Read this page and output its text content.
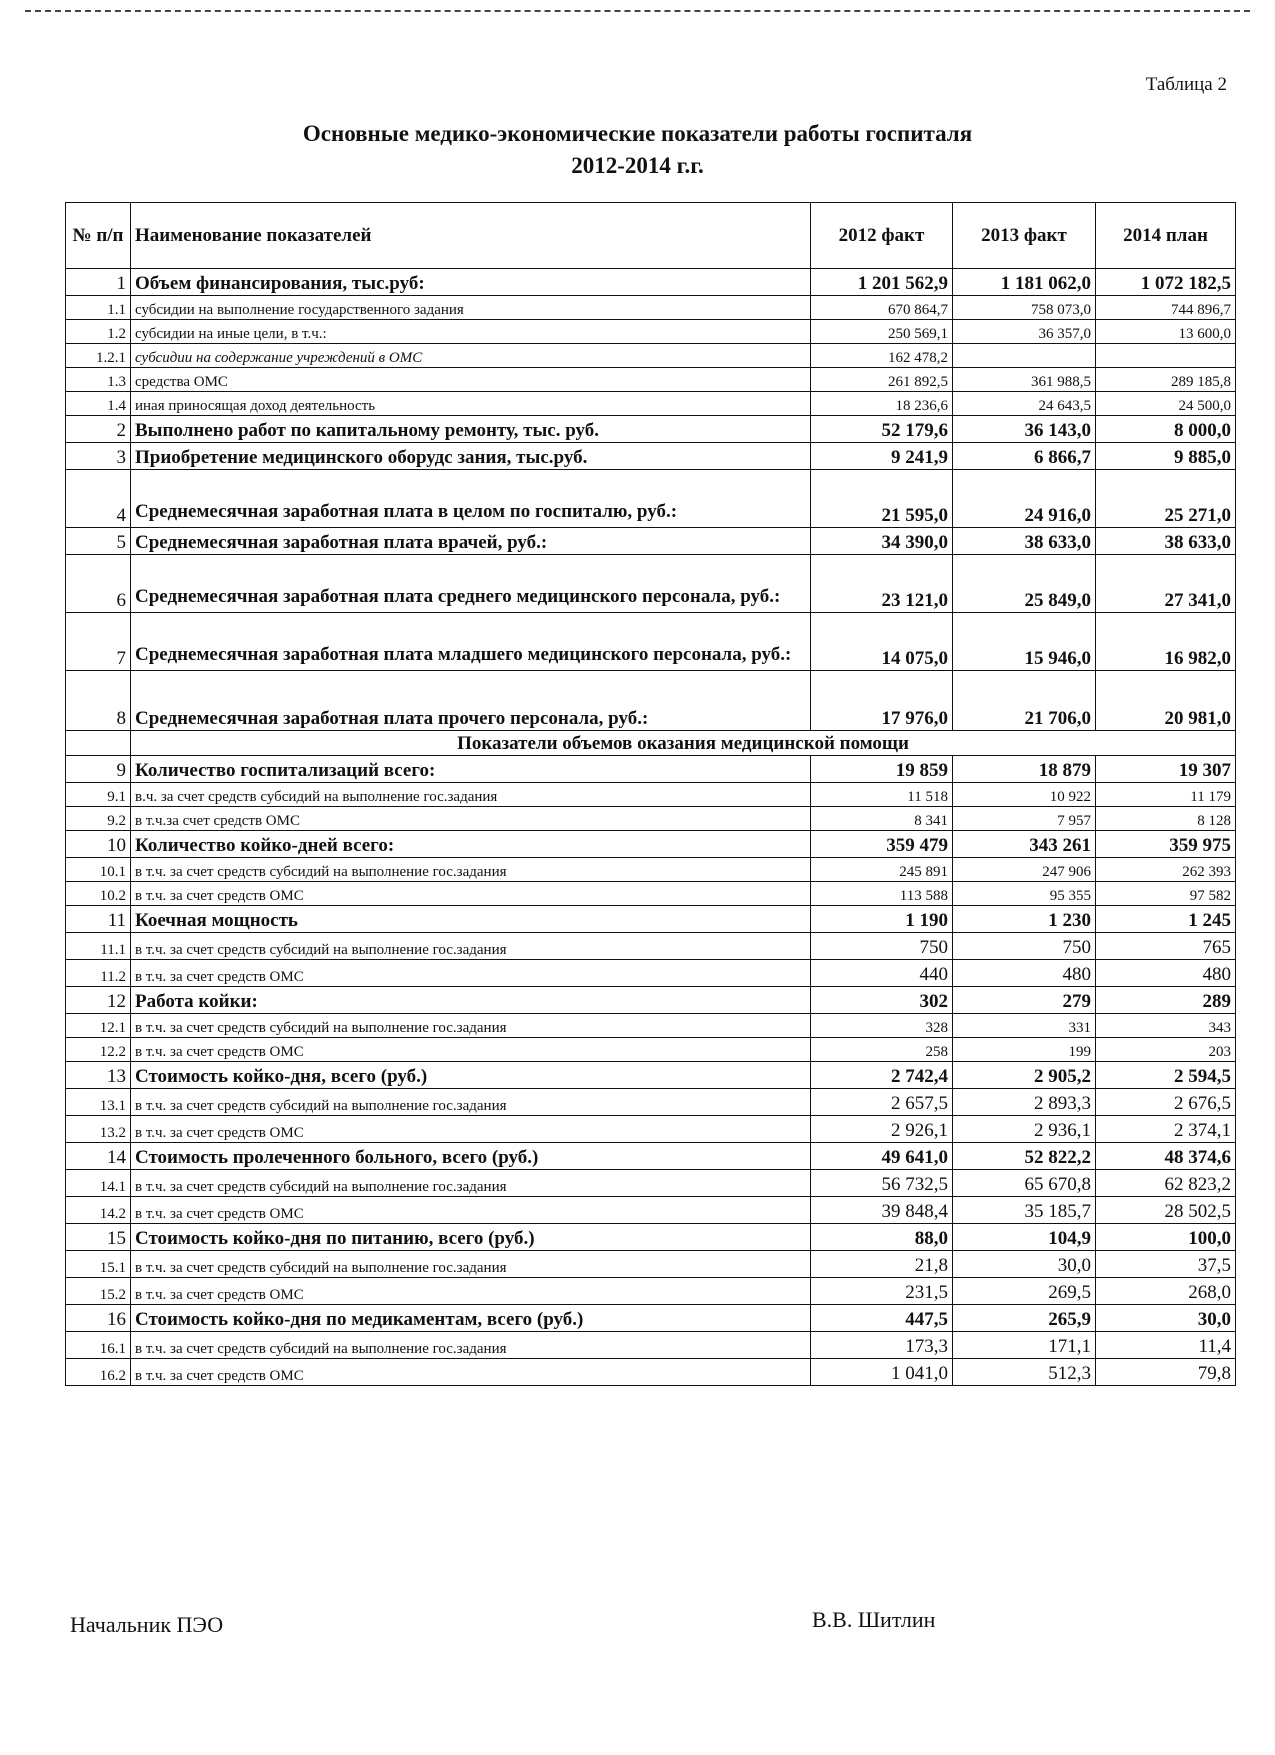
Таблица 2
Основные медико-экономические показатели работы госпиталя
2012-2014 г.г.
№ п/п	Наименование показателей	2012 факт	2013 факт	2014 план
1	Объем финансирования, тыс.руб:	1 201 562,9	1 181 062,0	1 072 182,5
1.1	субсидии на выполнение государственного задания	670 864,7	758 073,0	744 896,7
1.2	субсидии на иные цели, в т.ч.:	250 569,1	36 357,0	13 600,0
1.2.1	субсидии на содержание учреждений в ОМС	162 478,2		
1.3	средства ОМС	261 892,5	361 988,5	289 185,8
1.4	иная приносящая доход деятельность	18 236,6	24 643,5	24 500,0
2	Выполнено работ по капитальному ремонту, тыс. руб.	52 179,6	36 143,0	8 000,0
3	Приобретение медицинского оборудс зания, тыс.руб.	9 241,9	6 866,7	9 885,0
4	Среднемесячная заработная плата в целом по госпиталю, руб.:	21 595,0	24 916,0	25 271,0
5	Среднемесячная заработная плата врачей, руб.:	34 390,0	38 633,0	38 633,0
6	Среднемесячная заработная плата среднего медицинского персонала, руб.:	23 121,0	25 849,0	27 341,0
7	Среднемесячная заработная плата младшего медицинского персонала, руб.:	14 075,0	15 946,0	16 982,0
8	Среднемесячная заработная плата прочего персонала, руб.:	17 976,0	21 706,0	20 981,0
	Показатели объемов оказания медицинской помощи			
9	Количество госпитализаций всего:	19 859	18 879	19 307
9.1	в.ч. за счет средств субсидий на выполнение гос.задания	11 518	10 922	11 179
9.2	в т.ч.за счет средств ОМС	8 341	7 957	8 128
10	Количество койко-дней всего:	359 479	343 261	359 975
10.1	в т.ч. за счет средств субсидий на выполнение гос.задания	245 891	247 906	262 393
10.2	в т.ч. за счет средств ОМС	113 588	95 355	97 582
11	Коечная мощность	1 190	1 230	1 245
11.1	в т.ч. за счет средств субсидий на выполнение гос.задания	750	750	765
11.2	в т.ч. за счет средств ОМС	440	480	480
12	Работа койки:	302	279	289
12.1	в т.ч. за счет средств субсидий на выполнение гос.задания	328	331	343
12.2	в т.ч. за счет средств ОМС	258	199	203
13	Стоимость койко-дня, всего (руб.)	2 742,4	2 905,2	2 594,5
13.1	в т.ч. за счет средств субсидий на выполнение гос.задания	2 657,5	2 893,3	2 676,5
13.2	в т.ч. за счет средств ОМС	2 926,1	2 936,1	2 374,1
14	Стоимость пролеченного больного, всего (руб.)	49 641,0	52 822,2	48 374,6
14.1	в т.ч. за счет средств субсидий на выполнение гос.задания	56 732,5	65 670,8	62 823,2
14.2	в т.ч. за счет средств ОМС	39 848,4	35 185,7	28 502,5
15	Стоимость койко-дня по питанию, всего (руб.)	88,0	104,9	100,0
15.1	в т.ч. за счет средств субсидий на выполнение гос.задания	21,8	30,0	37,5
15.2	в т.ч. за счет средств ОМС	231,5	269,5	268,0
16	Стоимость койко-дня по медикаментам, всего (руб.)	447,5	265,9	30,0
16.1	в т.ч. за счет средств субсидий на выполнение гос.задания	173,3	171,1	11,4
16.2	в т.ч. за счет средств ОМС	1 041,0	512,3	79,8
Начальник ПЭО	В.В. Шитлин
